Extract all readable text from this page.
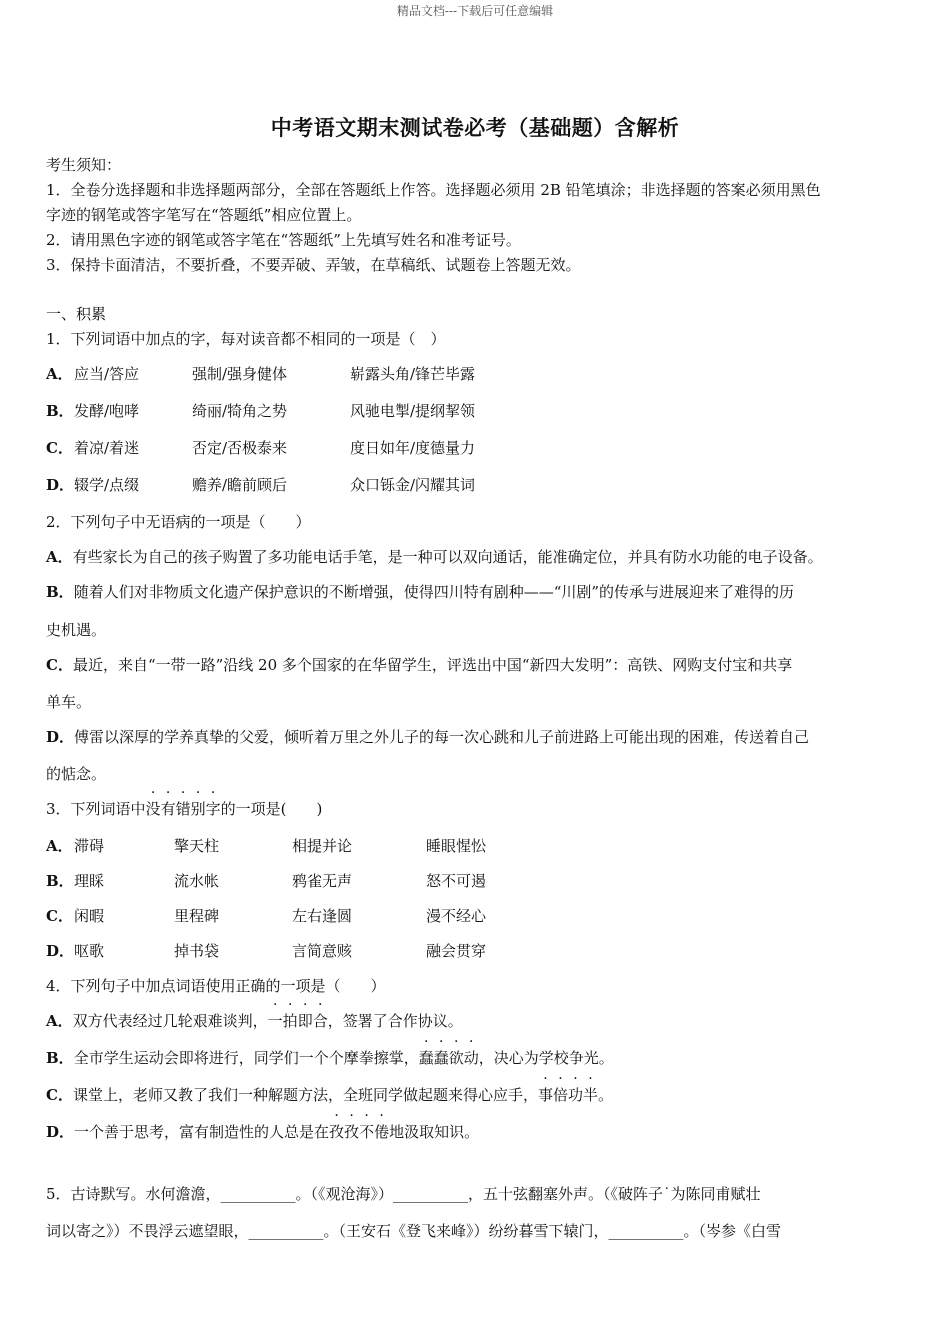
精品文档---下载后可任意编辑
中考语文期末测试卷必考（基础题）含解析
考生须知：
1．全卷分选择题和非选择题两部分，全部在答题纸上作答。选择题必须用 2B 铅笔填涂；非选择题的答案必须用黑色
字迹的钢笔或答字笔写在“答题纸”相应位置上。
2．请用黑色字迹的钢笔或答字笔在“答题纸”上先填写姓名和准考证号。
3．保持卡面清洁，不要折叠，不要弄破、弄皱，在草稿纸、试题卷上答题无效。
一、积累
1．下列词语中加点的字，每对读音都不相同的一项是（　）
A． 应当/答应	强制/强身健体	崭露头角/锋芒毕露
B． 发酵/咆哮	绮丽/犄角之势	风驰电掣/提纲挈领
C． 着凉/着迷	否定/否极泰来	度日如年/度德量力
D． 辍学/点缀	赡养/瞻前顾后	众口铄金/闪耀其词
2．下列句子中无语病的一项是（　　）
A．有些家长为自己的孩子购置了多功能电话手笔，是一种可以双向通话，能准确定位，并具有防水功能的电子设备。
B．随着人们对非物质文化遗产保护意识的不断增强，使得四川特有剧种——“川剧”的传承与进展迎来了难得的历
史机遇。
C．最近，来自“一带一路”沿线 20 多个国家的在华留学生，评选出中国“新四大发明”：高铁、网购支付宝和共享
单车。
D．傅雷以深厚的学养真挚的父爱，倾听着万里之外儿子的每一次心跳和儿子前进路上可能出现的困难，传送着自己
的惦念。
3．下列词语中没有错别字的一项是(　　)
A． 滞碍	擎天柱	相提并论	睡眼惺忪
B． 理睬	流水帐	鸦雀无声	怒不可遏
C． 闲暇	里程碑	左右逢圆	漫不经心
D． 呕歌	掉书袋	言简意赅	融会贯穿
4．下列句子中加点词语使用正确的一项是（　　）
A．双方代表经过几轮艰难谈判，一拍即合，签署了合作协议。
B．全市学生运动会即将进行，同学们一个个摩拳擦掌，蠢蠢欲动，决心为学校争光。
C．课堂上，老师又教了我们一种解题方法，全班同学做起题来得心应手，事倍功半。
D．一个善于思考，富有制造性的人总是在孜孜不倦地汲取知识。
5．古诗默写。水何澹澹，__________。（《观沧海》）__________，五十弦翻塞外声。（《破阵子˙为陈同甫赋壮
词以寄之》）不畏浮云遮望眼，__________。（王安石《登飞来峰》）纷纷暮雪下辕门，__________。（岑参《白雪
